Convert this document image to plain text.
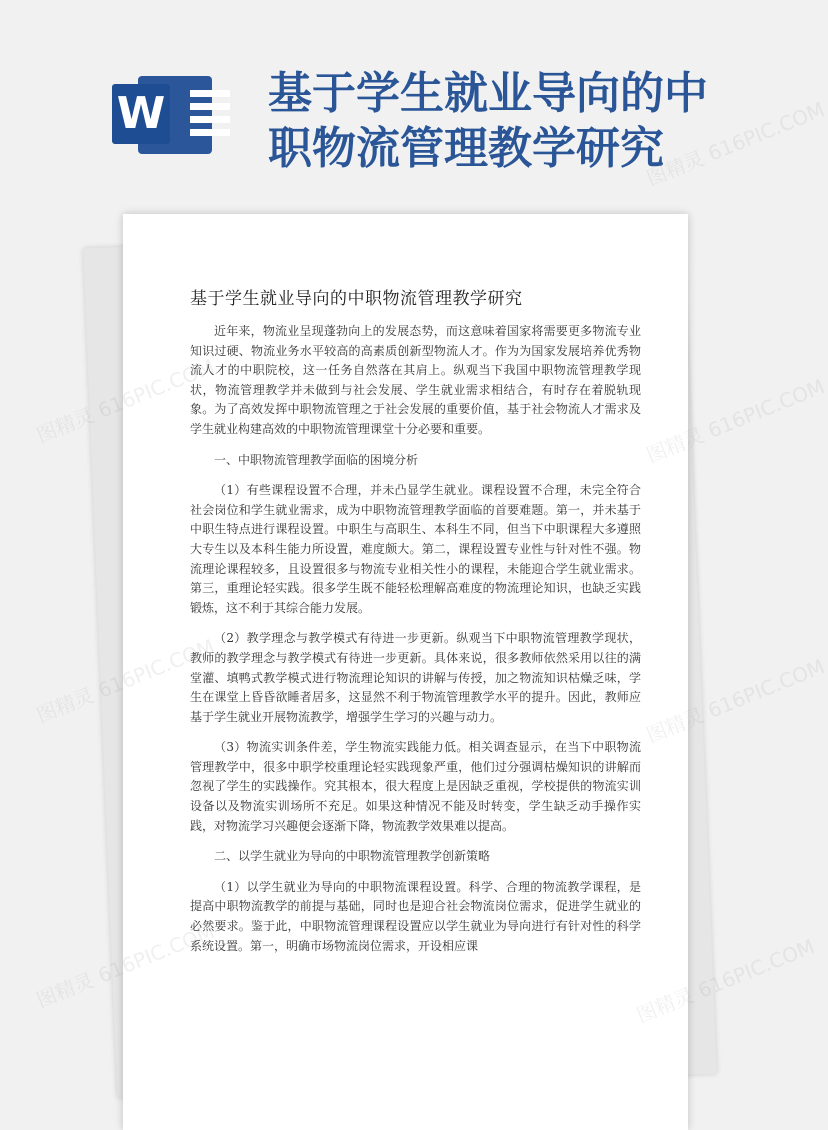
W 基于学生就业导向的中
职物流管理教学研究
基于学生就业导向的中职物流管理教学研究

近年来，物流业呈现蓬勃向上的发展态势，而这意味着国家将需要更多物流专业知识过硬、物流业务水平较高的高素质创新型物流人才。作为为国家发展培养优秀物流人才的中职院校，这一任务自然落在其肩上。纵观当下我国中职物流管理教学现状，物流管理教学并未做到与社会发展、学生就业需求相结合，有时存在着脱轨现象。为了高效发挥中职物流管理之于社会发展的重要价值，基于社会物流人才需求及学生就业构建高效的中职物流管理课堂十分必要和重要。

一、中职物流管理教学面临的困境分析

（1）有些课程设置不合理，并未凸显学生就业。课程设置不合理，未完全符合社会岗位和学生就业需求，成为中职物流管理教学面临的首要难题。第一，并未基于中职生特点进行课程设置。中职生与高职生、本科生不同，但当下中职课程大多遵照大专生以及本科生能力所设置，难度颇大。第二，课程设置专业性与针对性不强。物流理论课程较多，且设置很多与物流专业相关性小的课程，未能迎合学生就业需求。第三，重理论轻实践。很多学生既不能轻松理解高难度的物流理论知识，也缺乏实践锻炼，这不利于其综合能力发展。

（2）教学理念与教学模式有待进一步更新。纵观当下中职物流管理教学现状，教师的教学理念与教学模式有待进一步更新。具体来说，很多教师依然采用以往的满堂灌、填鸭式教学模式进行物流理论知识的讲解与传授，加之物流知识枯燥乏味，学生在课堂上昏昏欲睡者居多，这显然不利于物流管理教学水平的提升。因此，教师应基于学生就业开展物流教学，增强学生学习的兴趣与动力。

（3）物流实训条件差，学生物流实践能力低。相关调查显示，在当下中职物流管理教学中，很多中职学校重理论轻实践现象严重，他们过分强调枯燥知识的讲解而忽视了学生的实践操作。究其根本，很大程度上是因缺乏重视，学校提供的物流实训设备以及物流实训场所不充足。如果这种情况不能及时转变，学生缺乏动手操作实践，对物流学习兴趣便会逐渐下降，物流教学效果难以提高。

二、以学生就业为导向的中职物流管理教学创新策略

（1）以学生就业为导向的中职物流课程设置。科学、合理的物流教学课程，是提高中职物流教学的前提与基础，同时也是迎合社会物流岗位需求，促进学生就业的必然要求。鉴于此，中职物流管理课程设置应以学生就业为导向进行有针对性的科学系统设置。第一，明确市场物流岗位需求，开设相应课

图精灵 616PIC.COM
图精灵	图精灵 616PIC.COM
图精灵	图精灵 616PIC.COM
图精灵	图精灵 616PIC.COM
